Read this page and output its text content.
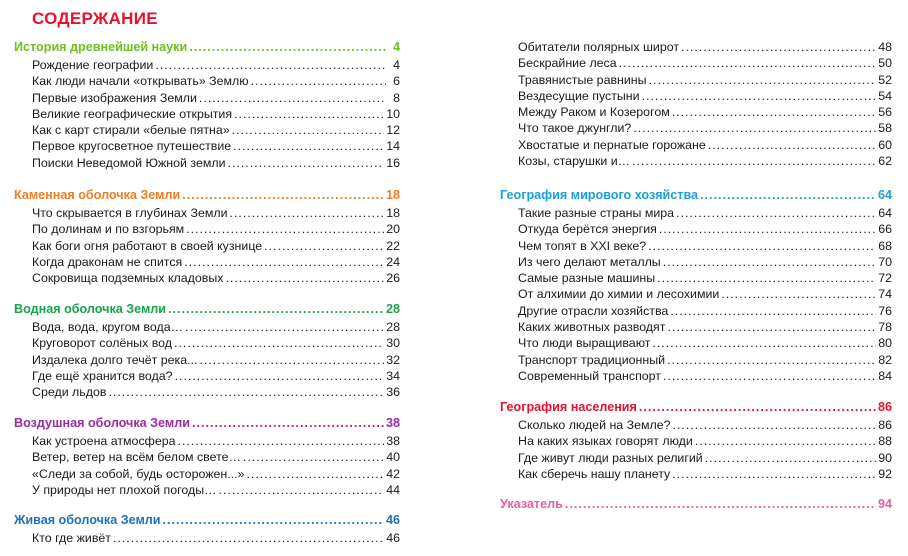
СОДЕРЖАНИЕ
История древнейшей науки .....	4
Рождение географии .....	4
Как люди начали «открывать» Землю .....	6
Первые изображения Земли .....	8
Великие географические открытия .....	10
Как с карт стирали «белые пятна» .....	12
Первое кругосветное путешествие .....	14
Поиски Неведомой Южной земли .....	16
Каменная оболочка Земли .....	18
Что скрывается в глубинах Земли .....	18
По долинам и по взгорьям .....	20
Как боги огня работают в своей кузнице .....	22
Когда драконам не спится .....	24
Сокровища подземных кладовых .....	26
Водная оболочка Земли .....	28
Вода, вода, кругом вода… .....	28
Круговорот солёных вод .....	30
Издалека долго течёт река... .....	32
Где ещё хранится вода? .....	34
Среди льдов .....	36
Воздушная оболочка Земли .....	38
Как устроена атмосфера .....	38
Ветер, ветер на всём белом свете… .....	40
«Следи за собой, будь осторожен...» .....	42
У природы нет плохой погоды… .....	44
Живая оболочка Земли .....	46
Кто где живёт .....	46
Обитатели полярных широт .....	48
Бескрайние леса .....	50
Травянистые равнины .....	52
Вездесущие пустыни .....	54
Между Раком и Козерогом .....	56
Что такое джунгли? .....	58
Хвостатые и пернатые горожане .....	60
Козы, старушки и… .....	62
География мирового хозяйства .....	64
Такие разные страны мира .....	64
Откуда берётся энергия .....	66
Чем топят в XXI веке? .....	68
Из чего делают металлы .....	70
Самые разные машины .....	72
От алхимии до химии и лесохимии .....	74
Другие отрасли хозяйства .....	76
Каких животных разводят .....	78
Что люди выращивают .....	80
Транспорт традиционный .....	82
Современный транспорт .....	84
География населения .....	86
Сколько людей на Земле? .....	86
На каких языках говорят люди .....	88
Где живут люди разных религий .....	90
Как сберечь нашу планету .....	92
Указатель .....	94
